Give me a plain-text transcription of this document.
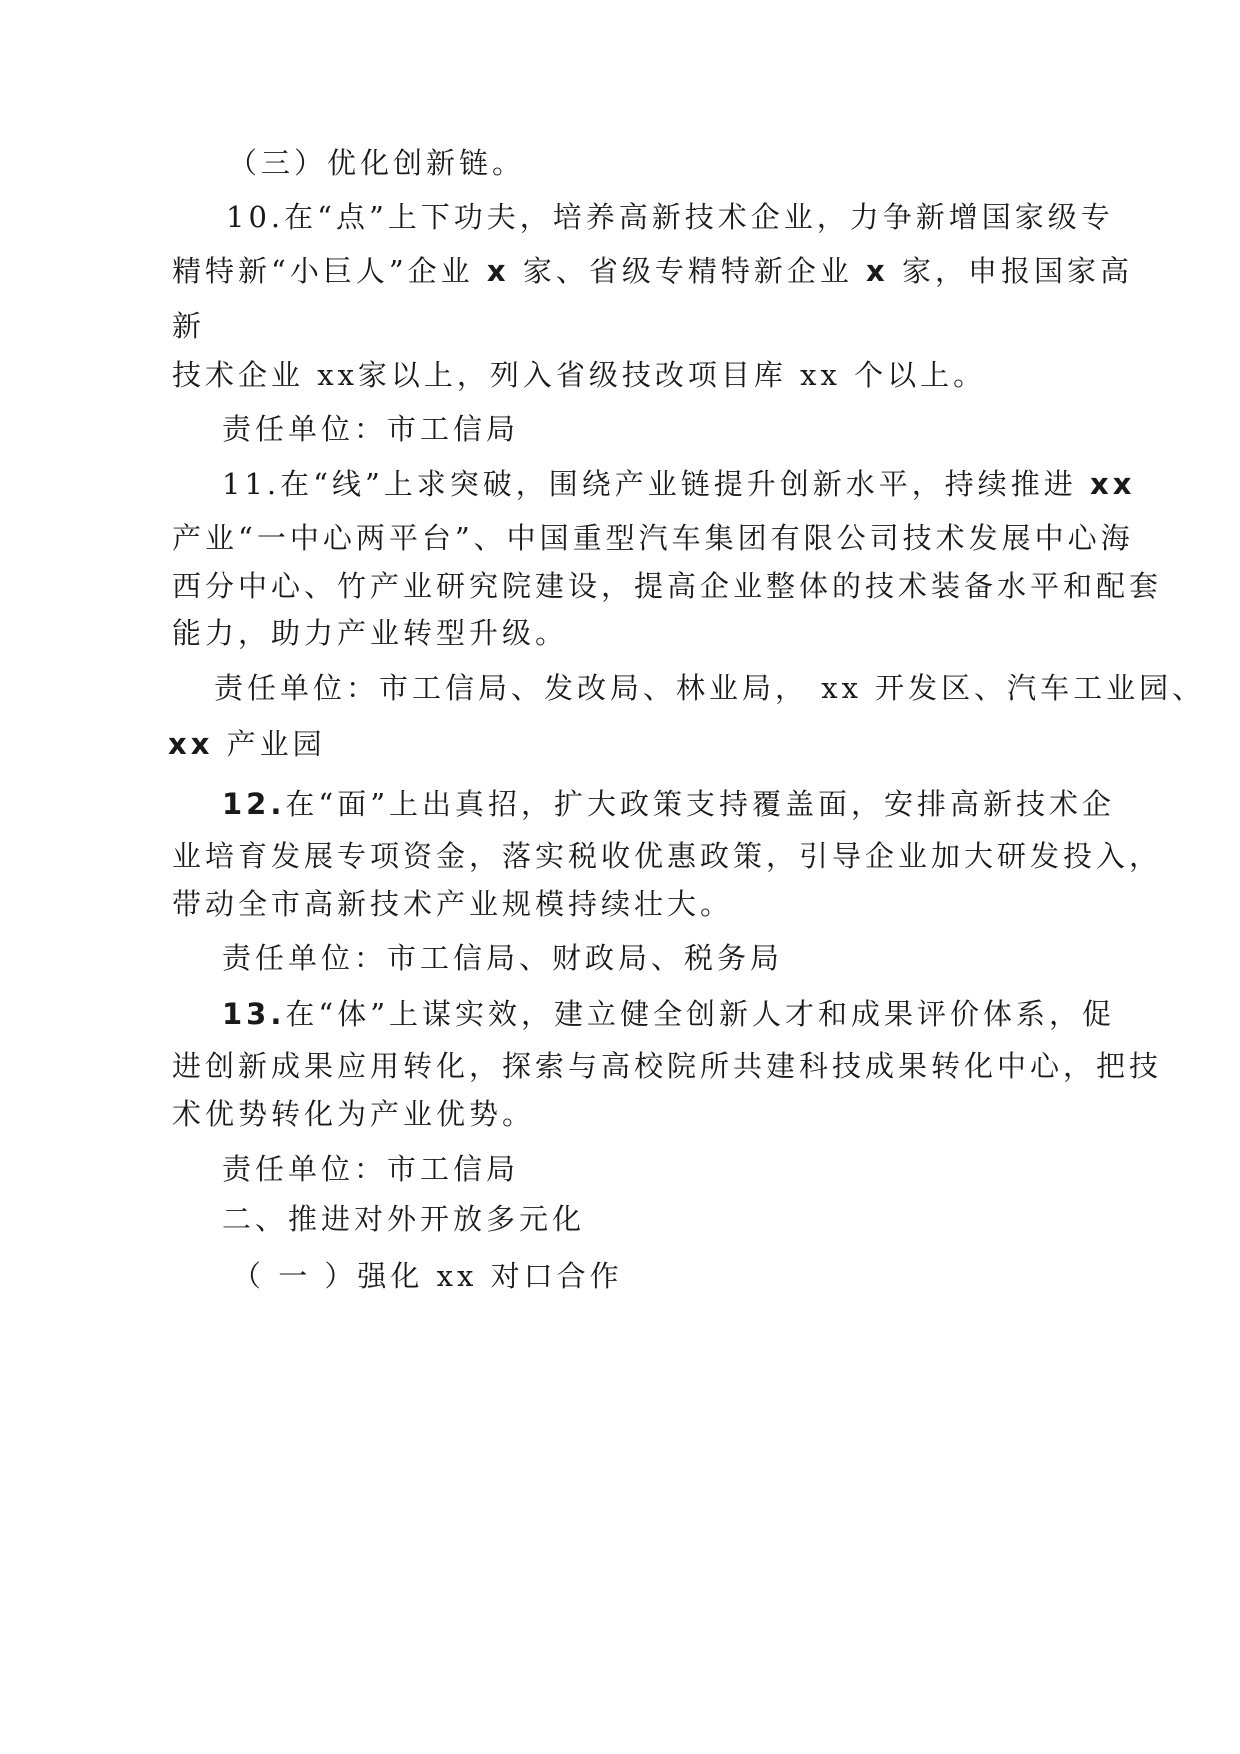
（三）优化创新链。
10.在“点”上下功夫，培养高新技术企业，力争新增国家级专
精特新“小巨人”企业 x 家、省级专精特新企业 x 家，申报国家高
新
技术企业 xx家以上，列入省级技改项目库 xx 个以上。
责任单位：市工信局
11.在“线”上求突破，围绕产业链提升创新水平，持续推进 xx
产业“一中心两平台”、中国重型汽车集团有限公司技术发展中心海
西分中心、竹产业研究院建设，提高企业整体的技术装备水平和配套
能力，助力产业转型升级。
责任单位：市工信局、发改局、林业局， xx 开发区、汽车工业园、
xx 产业园
12.在“面”上出真招，扩大政策支持覆盖面，安排高新技术企
业培育发展专项资金，落实税收优惠政策，引导企业加大研发投入，
带动全市高新技术产业规模持续壮大。
责任单位：市工信局、财政局、税务局
13.在“体”上谋实效，建立健全创新人才和成果评价体系，促
进创新成果应用转化，探索与高校院所共建科技成果转化中心，把技
术优势转化为产业优势。
责任单位：市工信局
二、推进对外开放多元化
（ 一 ）强化 xx 对口合作
